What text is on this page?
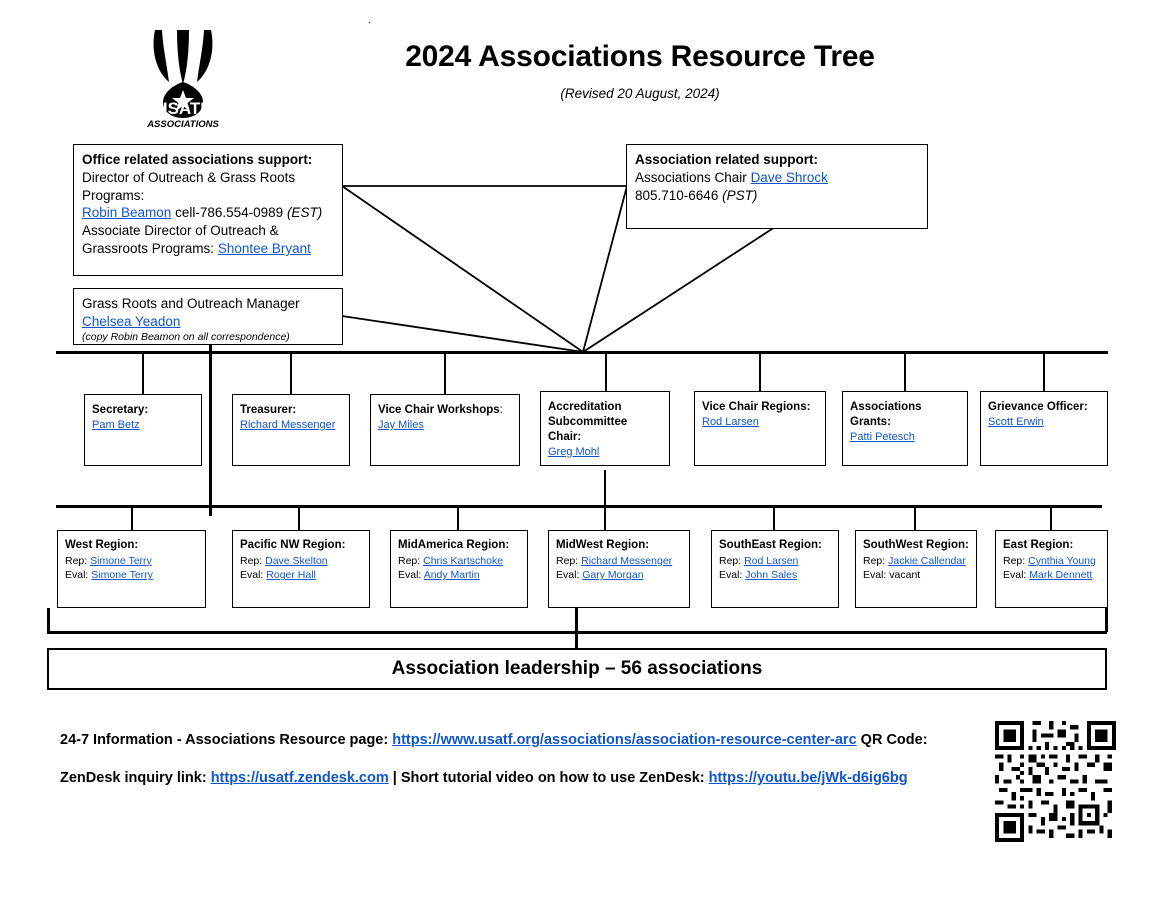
.
USATF
ASSOCIATIONS
2024 Associations Resource Tree
(Revised 20 August, 2024)
Office related associations support:
Director of Outreach & Grass Roots
Programs:
Robin Beamon cell-786.554-0989 (EST)
Associate Director of Outreach &
Grassroots Programs: Shontee Bryant
Grass Roots and Outreach Manager
Chelsea Yeadon
(copy Robin Beamon on all correspondence)
Association related support:
Associations Chair Dave Shrock
805.710-6646 (PST)
Secretary:
Pam Betz
Treasurer:
Richard Messenger
Vice Chair Workshops:
Jay Miles
Accreditation
Subcommittee Chair:
Greg Mohl
Vice Chair Regions:
Rod Larsen
Associations Grants:
Patti Petesch
Grievance Officer:
Scott Erwin
West Region:
Rep: Simone Terry
Eval: Simone Terry
Pacific NW Region:
Rep: Dave Skelton
Eval: Roger Hall
MidAmerica Region:
Rep: Chris Kartschoke
Eval: Andy Martin
MidWest Region:
Rep: Richard Messenger
Eval: Gary Morgan
SouthEast Region:
Rep: Rod Larsen
Eval: John Sales
SouthWest Region:
Rep: Jackie Callendar
Eval: vacant
East Region:
Rep: Cynthia Young
Eval: Mark Dennett
Association leadership – 56 associations
24-7 Information - Associations Resource page: https://www.usatf.org/associations/association-resource-center-arc QR Code:
ZenDesk inquiry link: https://usatf.zendesk.com | Short tutorial video on how to use ZenDesk: https://youtu.be/jWk-d6ig6bg
